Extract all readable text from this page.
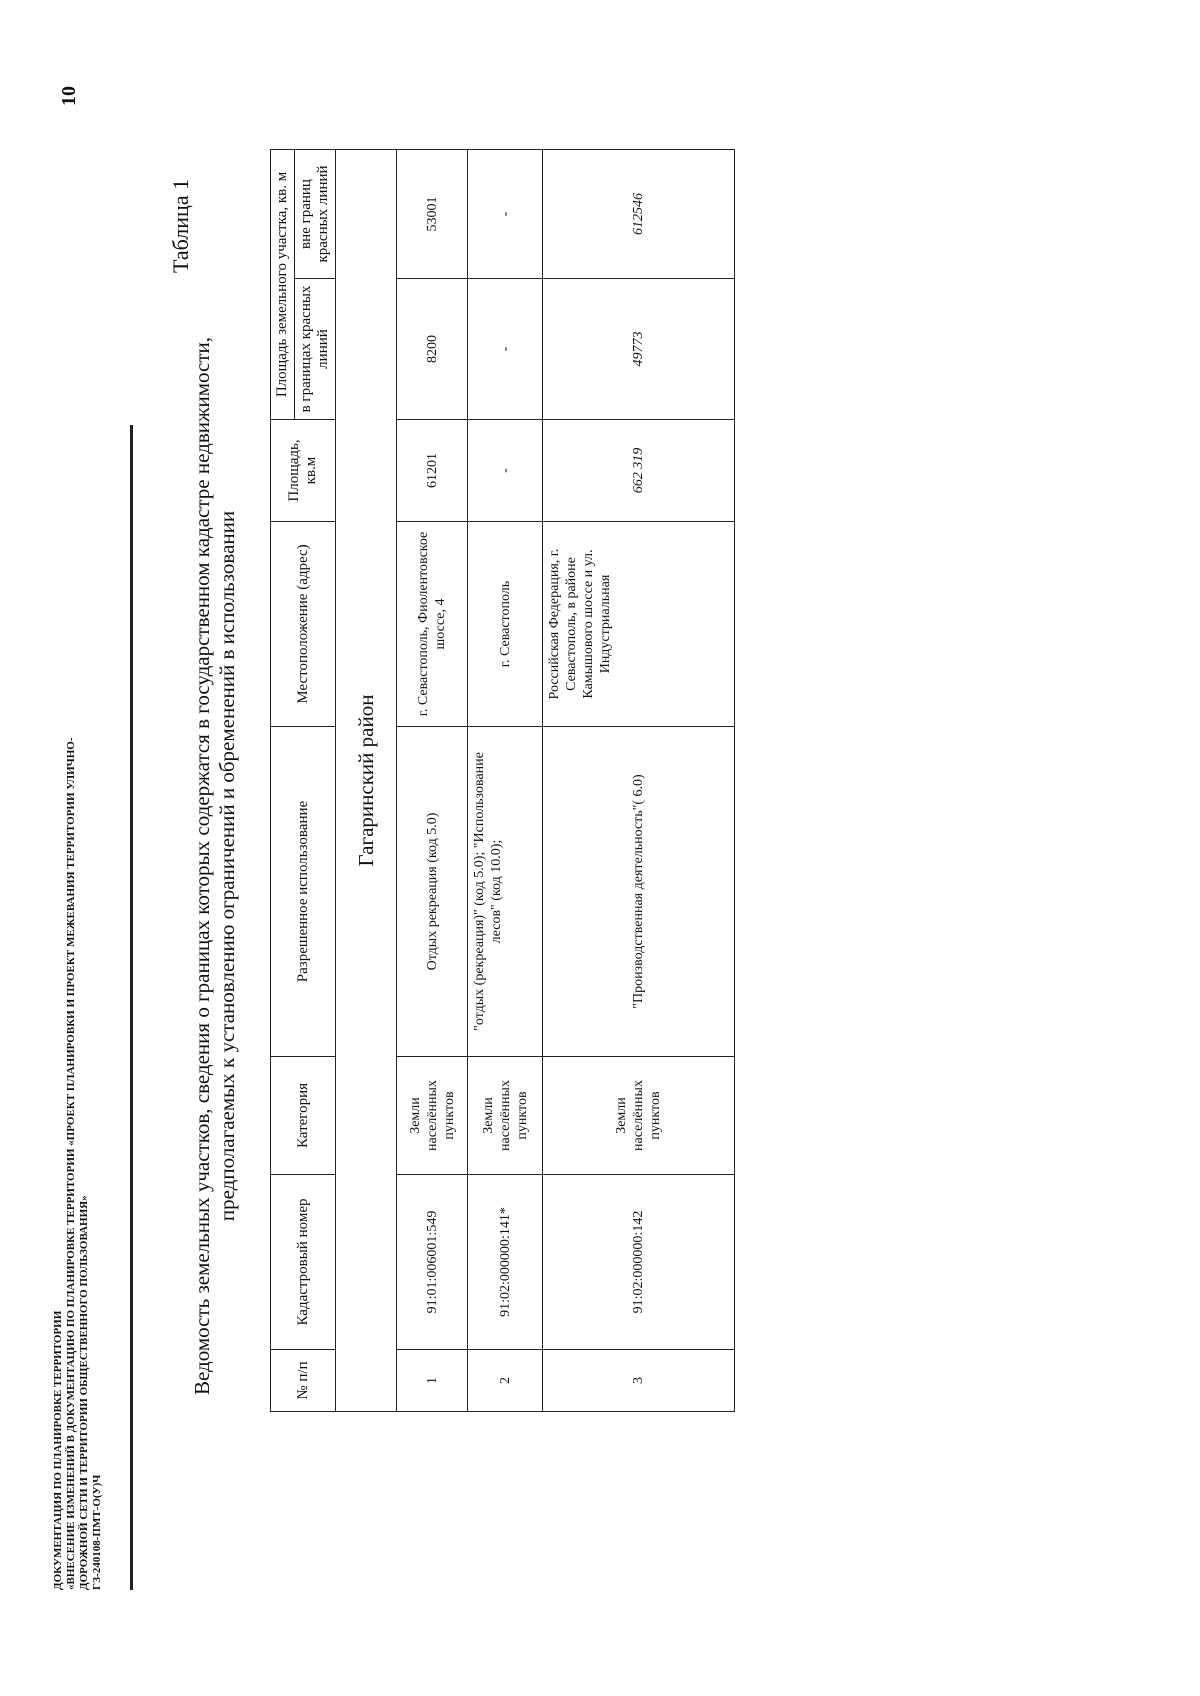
10
ДОКУМЕНТАЦИЯ ПО ПЛАНИРОВКЕ ТЕРРИТОРИИ «ВНЕСЕНИЕ ИЗМЕНЕНИЙ В ДОКУМЕНТАЦИЮ ПО ПЛАНИРОВКЕ ТЕРРИТОРИИ «ПРОЕКТ ПЛАНИРОВКИ И ПРОЕКТ МЕЖЕВАНИЯ ТЕРРИТОРИИ УЛИЧНО- ДОРОЖНОЙ СЕТИ И ТЕРРИТОРИИ ОБЩЕСТВЕННОГО ПОЛЬЗОВАНИЯ» ГЗ-240108-ПМТ-О(У)Ч
Таблица 1
Ведомость земельных участков, сведения о границах которых содержатся в государственном кадастре недвижимости, предполагаемых к установлению ограничений и обременений в использовании
№ п/п	Кадастровый номер	Категория	Разрешенное использование	Местоположение (адрес)	Площадь, кв.м	Площадь земельного участка, кв. м	
						в границах красных линий	вне границ красных линий
Гагаринский район							
1	91:01:006001:549	Земли населённых пунктов	Отдых рекреация (код 5.0)	г. Севастополь, Фиолентовское шоссе, 4	61201	8200	53001
2	91:02:000000:141*	Земли населённых пунктов	"отдых (рекреация)" (код 5.0); "Использование лесов" (код 10.0);	г. Севастополь	-	-	-
3	91:02:000000:142	Земли населённых пунктов	"Производственная деятельность"( 6.0)	Российская Федерация, г. Севастополь, в районе Камышового шоссе и ул. Индустриальная	662 319	49773	612546
